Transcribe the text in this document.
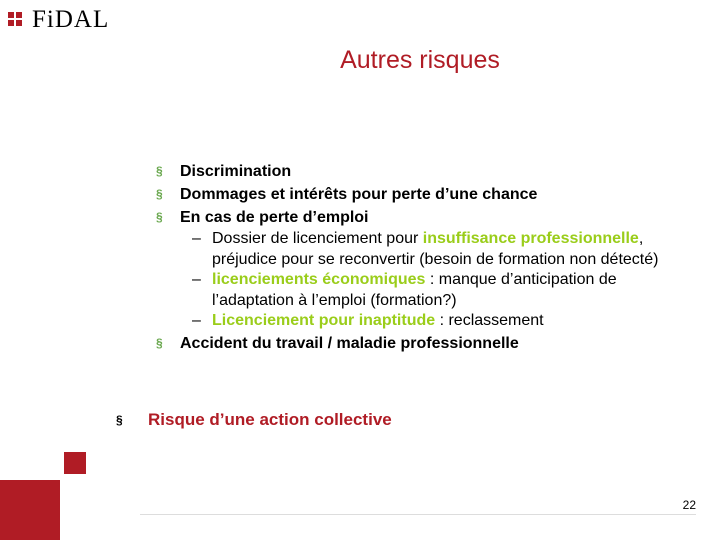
FiDAL
Autres risques
§ Discrimination
§ Dommages et intérêts pour perte d’une chance
§ En cas de perte d’emploi
– Dossier de licenciement pour insuffisance professionnelle, préjudice pour se reconvertir (besoin de formation non détecté)
– licenciements économiques : manque d’anticipation de l’adaptation à l’emploi (formation?)
– Licenciement pour inaptitude : reclassement
§ Accident du travail / maladie professionnelle
§ Risque d’une action collective
22
